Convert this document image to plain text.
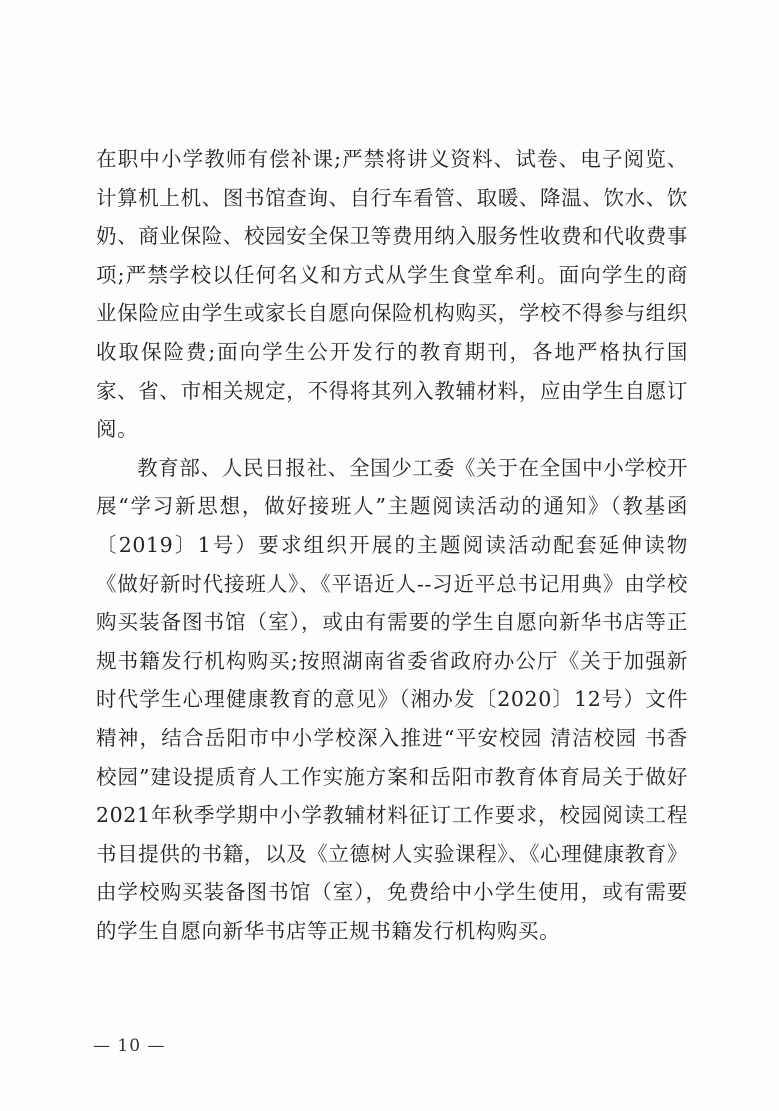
在职中小学教师有偿补课;严禁将讲义资料、试卷、电子阅览、计算机上机、图书馆查询、自行车看管、取暖、降温、饮水、饮奶、商业保险、校园安全保卫等费用纳入服务性收费和代收费事项;严禁学校以任何名义和方式从学生食堂牟利。面向学生的商业保险应由学生或家长自愿向保险机构购买，学校不得参与组织收取保险费;面向学生公开发行的教育期刊，各地严格执行国家、省、市相关规定，不得将其列入教辅材料，应由学生自愿订阅。

教育部、人民日报社、全国少工委《关于在全国中小学校开展“学习新思想，做好接班人”主题阅读活动的通知》（教基函〔2019〕1号）要求组织开展的主题阅读活动配套延伸读物《做好新时代接班人》、《平语近人--习近平总书记用典》由学校购买装备图书馆（室），或由有需要的学生自愿向新华书店等正规书籍发行机构购买;按照湖南省委省政府办公厅《关于加强新时代学生心理健康教育的意见》（湘办发〔2020〕12号）文件精神，结合岳阳市中小学校深入推进“平安校园 清洁校园 书香校园”建设提质育人工作实施方案和岳阳市教育体育局关于做好2021年秋季学期中小学教辅材料征订工作要求，校园阅读工程书目提供的书籍，以及《立德树人实验课程》、《心理健康教育》由学校购买装备图书馆（室），免费给中小学生使用，或有需要的学生自愿向新华书店等正规书籍发行机构购买。

— 10 —
